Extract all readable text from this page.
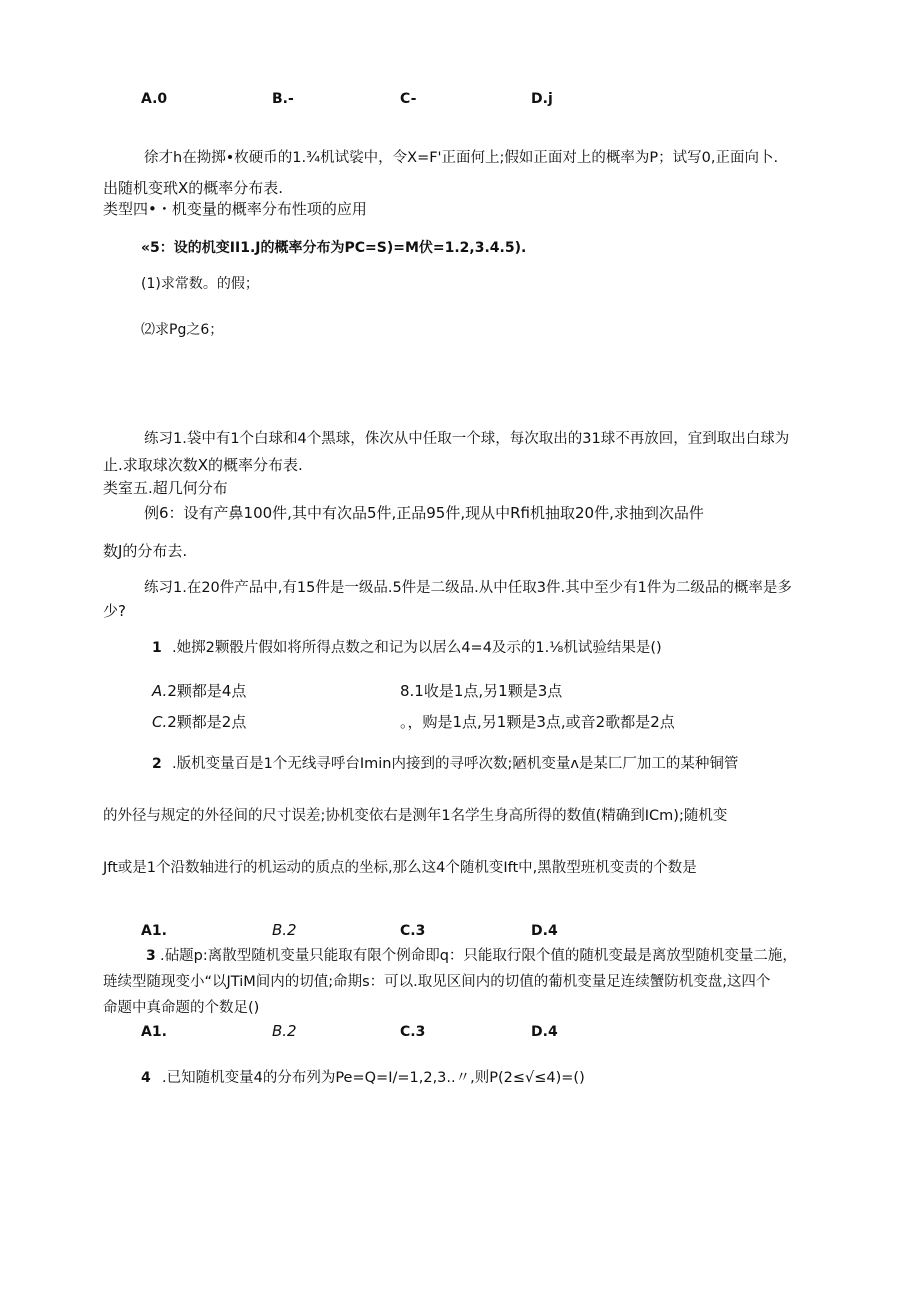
A.0	B.-	C-	D.j
徐才h在拗掷•枚硬币的1.¾机试裟中，令X=F'正面何上;假如正面对上的概率为P；试写0,正面向卜.
出随机变玳X的概率分布表.
类型四•・机变量的概率分布性项的应用
«5：设的机变II1.J的概率分布为PC=S)=M伏=1.2,3.4.5).
(1)求常数。的假；
⑵求Pg之6；
练习1.袋中有1个白球和4个黑球，侏次从中任取一个球，每次取出的31球不再放回，宜到取出白球为
止.求取球次数X的概率分布表.
类室五.超几何分布
例6：设有产鼻100件,其中有次品5件,正品95件,现从中Rfi机抽取20件,求抽到次品件
数J的分布去.
练习1.在20件产品中,有15件是一级品.5件是二级品.从中任取3件.其中至少有1件为二级品的概率是多
少?
1 .她掷2颗骰片假如将所得点数之和记为以居么4=4及示的1.⅛机试验结果是()
A.2颗都是4点	8.1收是1点,另1颗是3点
C.2颗都是2点	。，购是1点,另1颗是3点,或音2歌都是2点
2 .版机变量百是1个无线寻呼台Imin内接到的寻呼次数;陋机变量ʌ是某匚厂加工的某种铜管
的外径与规定的外径间的尺寸误差;协机变依右是测年1名学生身高所得的数值(精确到ICm);随机变
Jft或是1个沿数轴进行的机运动的质点的坐标,那么这4个随机变Ift中,黑散型班机变责的个数是
A1.	B.2	C.3	D.4
3 .砧题p:离散型随机变量只能取有限个例命即q：只能取行限个值的随机变最是离放型随机变量二施，
琏续型随现变小“以JTiM间内的切值;命期s：可以.取见区间内的切值的葡机变量足连续蟹防机变盘,这四个
命题中真命题的个数足()
A1.	B.2	C.3	D.4
4 .已知随机变量4的分布列为Pe=Q=I/=1,2,3..〃,则P(2≤√≤4)=()
